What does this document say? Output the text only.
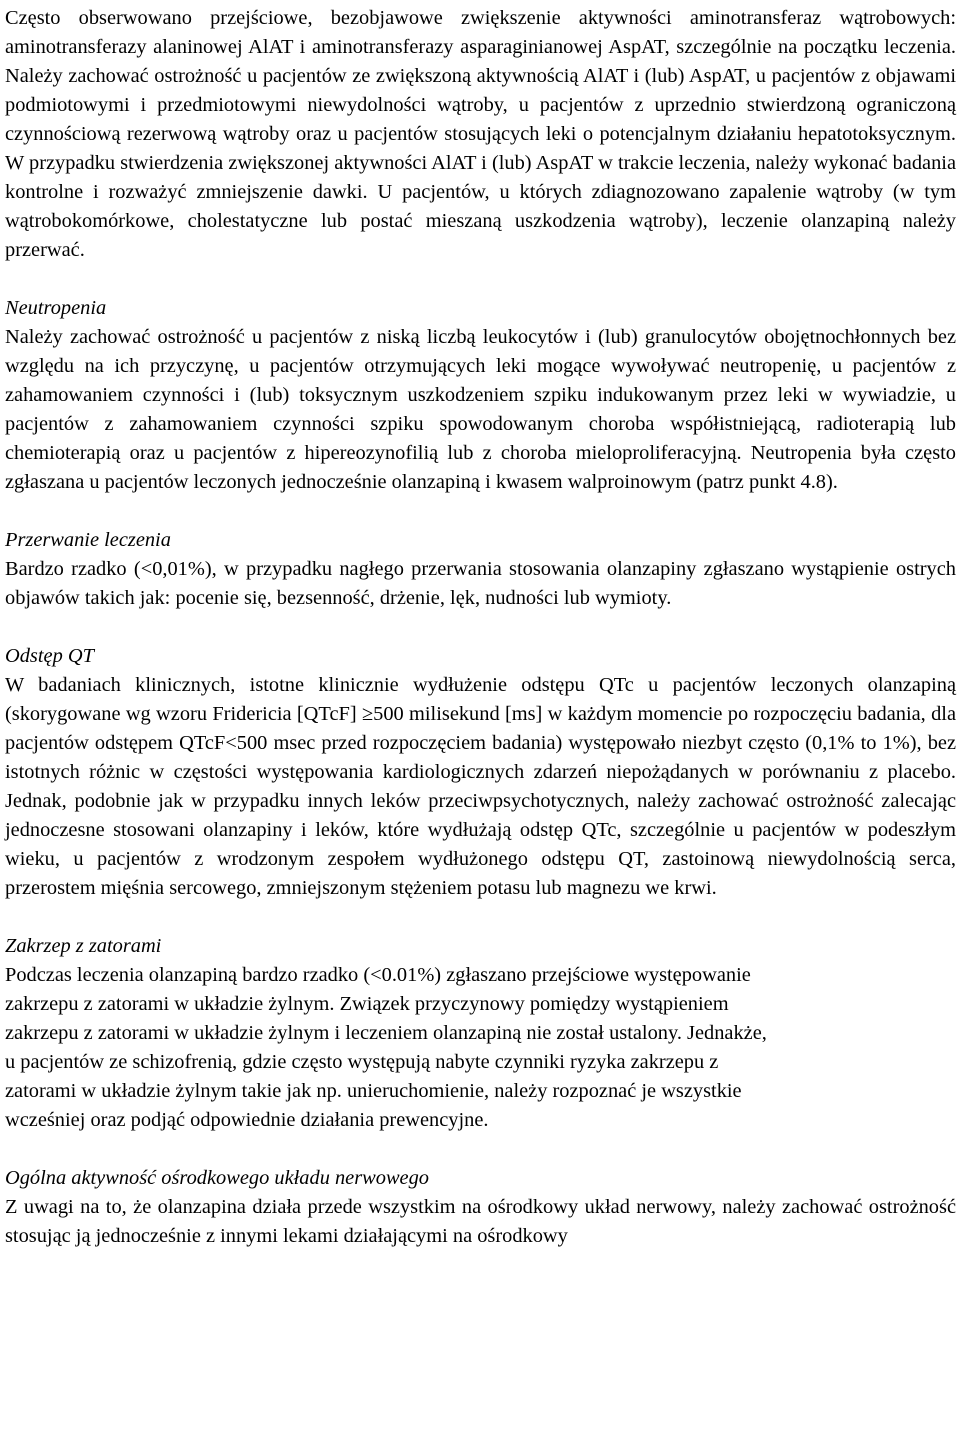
Często obserwowano przejściowe, bezobjawowe zwiększenie aktywności aminotransferaz wątrobowych: aminotransferazy alaninowej AlAT i aminotransferazy asparaginianowej AspAT, szczególnie na początku leczenia. Należy zachować ostrożność u pacjentów ze zwiększoną aktywnością AlAT i (lub) AspAT, u pacjentów z objawami podmiotowymi i przedmiotowymi niewydolności wątroby, u pacjentów z uprzednio stwierdzoną ograniczoną czynnościową rezerwową wątroby oraz u pacjentów stosujących leki o potencjalnym działaniu hepatotoksycznym. W przypadku stwierdzenia zwiększonej aktywności AlAT i (lub) AspAT w trakcie leczenia, należy wykonać badania kontrolne i rozważyć zmniejszenie dawki. U pacjentów, u których zdiagnozowano zapalenie wątroby (w tym wątrobokomórkowe, cholestatyczne lub postać mieszaną uszkodzenia wątroby), leczenie olanzapiną należy przerwać.

Neutropenia

Należy zachować ostrożność u pacjentów z niską liczbą leukocytów i (lub) granulocytów obojętnochłonnych bez względu na ich przyczynę, u pacjentów otrzymujących leki mogące wywoływać neutropenię, u pacjentów z zahamowaniem czynności i (lub) toksycznym uszkodzeniem szpiku indukowanym przez leki w wywiadzie, u pacjentów z zahamowaniem czynności szpiku spowodowanym choroba współistniejącą, radioterapią lub chemioterapią oraz u pacjentów z hipereozynofilią lub z choroba mieloproliferacyjną. Neutropenia była często zgłaszana u pacjentów leczonych jednocześnie olanzapiną i kwasem walproinowym (patrz punkt 4.8).

Przerwanie leczenia

Bardzo rzadko (<0,01%), w przypadku nagłego przerwania stosowania olanzapiny zgłaszano wystąpienie ostrych objawów takich jak: pocenie się, bezsenność, drżenie, lęk, nudności lub wymioty.

Odstęp QT

W badaniach klinicznych, istotne klinicznie wydłużenie odstępu QTc u pacjentów leczonych olanzapiną (skorygowane wg wzoru Fridericia [QTcF] ≥500 milisekund [ms] w każdym momencie po rozpoczęciu badania, dla pacjentów odstępem QTcF<500 msec przed rozpoczęciem badania) występowało niezbyt często (0,1% to 1%), bez istotnych różnic w częstości występowania kardiologicznych zdarzeń niepożądanych w porównaniu z placebo. Jednak, podobnie jak w przypadku innych leków przeciwpsychotycznych, należy zachować ostrożność zalecając jednoczesne stosowani olanzapiny i leków, które wydłużają odstęp QTc, szczególnie u pacjentów w podeszłym wieku, u pacjentów z wrodzonym zespołem wydłużonego odstępu QT, zastoinową niewydolnością serca, przerostem mięśnia sercowego, zmniejszonym stężeniem potasu lub magnezu we krwi.

Zakrzep z zatorami

Podczas leczenia olanzapiną bardzo rzadko (<0.01%) zgłaszano przejściowe występowanie
zakrzepu z zatorami w układzie żylnym. Związek przyczynowy pomiędzy wystąpieniem
zakrzepu z zatorami w układzie żylnym i leczeniem olanzapiną nie został ustalony. Jednakże,
u pacjentów ze schizofrenią, gdzie często występują nabyte czynniki ryzyka zakrzepu z
zatorami w układzie żylnym takie jak np. unieruchomienie, należy rozpoznać je wszystkie
wcześniej oraz podjąć odpowiednie działania prewencyjne.

Ogólna aktywność ośrodkowego układu nerwowego

Z uwagi na to, że olanzapina działa przede wszystkim na ośrodkowy układ nerwowy, należy zachować ostrożność stosując ją jednocześnie z innymi lekami działającymi na ośrodkowy
